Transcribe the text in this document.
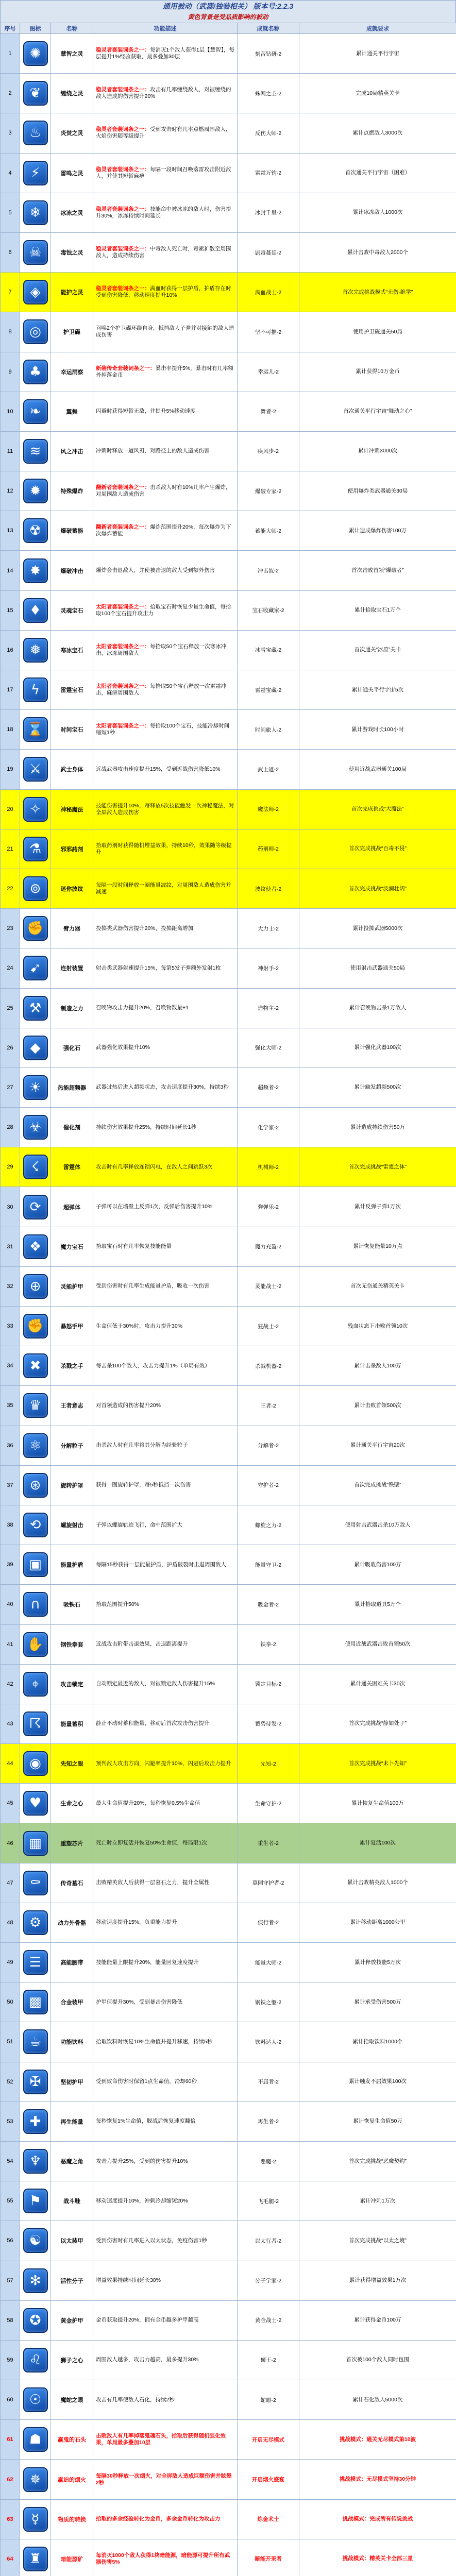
通用被动（武器/独装相关） 版本号:2.2.3
黄色背景是受品质影响的被动
序号	图标	名称	功能描述	成就名称	成就要求

1	✺	慧智之灵	稳灵者套装词条之一：每消灭1个敌人获得1层【慧智】，每层提升1%经验获取，最多叠加30层	刻苦钻研-2	累计通关平行宇宙

2	❦	缠绕之灵	稳灵者套装词条之一：攻击有几率缠绕敌人，对被缠绕的敌人造成的伤害提升20%	蛛网之主-2	完成10局精英关卡

3	♨	炎焚之灵	稳灵者套装词条之一：受到攻击时有几率点燃周围敌人，火焰伤害随等级提升	反伤大师-2	累计点燃敌人3000次

4	⚡	雷鸣之灵	稳灵者套装词条之一：每隔一段时间召唤落雷攻击附近敌人，并使其短暂麻痹	雷霆万钧-2	首次通关平行宇宙（困难）

5	❄	冰冻之灵	稳灵者套装词条之一：技能命中被冰冻的敌人时，伤害提升30%，冰冻持续时间延长	冰封千里-2	累计冰冻敌人1000次

6	☠	毒蚀之灵	稳灵者套装词条之一：中毒敌人死亡时，毒素扩散至周围敌人，造成持续伤害	剧毒蔓延-2	累计击败中毒敌人2000个

7	◈	能护之灵	稳灵者套装词条之一：满血时获得一层护盾，护盾存在时受到伤害降低，移动速度提升10%	满血战士-2	首次完成挑战模式“无伤·绝学”

8	◎	护卫碟	召唤2个护卫碟环绕自身，抵挡敌人子弹并对接触的敌人造成伤害	坚不可摧-2	使用护卫碟通关50局

9	♣	幸运洞察	新装传奇套装词条之一：暴击率提升5%，暴击时有几率额外掉落金币	幸运儿-2	累计获得10万金币

10	❧	翼舞	闪避时获得短暂无敌，并提升5%移动速度	舞者-2	首次通关平行宇宙“舞动之心”

11	≋	风之冲击	冲刺时释放一道风刃，对路径上的敌人造成伤害	疾风步-2	累计冲刺3000次

12	✹	特殊爆炸	翻新者套装词条之一：击杀敌人时有10%几率产生爆炸，对周围敌人造成伤害	爆破专家-2	使用爆炸类武器通关30局

13	☢	爆破蓄能	翻新者套装词条之一：爆炸范围提升20%，每次爆炸为下次爆炸蓄能	蓄能大师-2	累计造成爆炸伤害100万

14	✸	爆破冲击	爆炸会击退敌人，并使被击退的敌人受到额外伤害	冲击波-2	首次击败首领“爆破者”

15	♦	灵魂宝石	太阳者套装词条之一：拾取宝石时恢复少量生命值，每拾取100个宝石提升攻击力	宝石收藏家-2	累计拾取宝石1万个

16	❅	寒冰宝石	太阳者套装词条之一：每拾取50个宝石释放一次寒冰冲击，冰冻周围敌人	冰雪宝藏-2	首次通关“冰原”关卡

17	ϟ	雷霆宝石	太阳者套装词条之一：每拾取50个宝石释放一次雷霆冲击，麻痹周围敌人	雷霆宝藏-2	累计通关平行宇宙5次

18	⌛	时间宝石	太阳者套装词条之一：每拾取100个宝石，技能冷却时间缩短1秒	时间旅人-2	累计游戏时长100小时

19	⚔	武士身体	近战武器攻击速度提升15%，受到近战伤害降低10%	武士道-2	使用近战武器通关100局

20	✧	神秘魔法	技能伤害提升10%，每释放5次技能触发一次神秘魔法，对全屏敌人造成伤害	魔法师-2	首次完成挑战“大魔法”

21	⚗	邪邪药剂	拾取药剂时获得随机增益效果，持续10秒，效果随等级提升	药剂师-2	首次完成挑战“百毒不侵”

22	⊚	迷你波纹	每隔一段时间释放一圈能量波纹，对周围敌人造成伤害并减速	波纹使者-2	首次完成挑战“波澜壮阔”

23	✊	臂力器	投掷类武器伤害提升20%，投掷距离增加	大力士-2	累计投掷武器5000次

24	➹	连射装置	射击类武器射速提升15%，每第5发子弹额外发射1枚	神射手-2	使用射击武器通关50局

25	⚒	制造之力	召唤物攻击力提升20%，召唤物数量+1	造物主-2	累计召唤物击杀1万敌人

26	◆	强化石	武器强化效果提升10%	强化大师-2	累计强化武器100次

27	☀	热能超频器	武器过热后进入超频状态，攻击速度提升30%，持续3秒	超频者-2	累计触发超频500次

28	☣	催化剂	持续伤害效果提升25%，持续时间延长1秒	化学家-2	累计造成持续伤害50万

29	☇	雷霆体	攻击时有几率释放连锁闪电，在敌人之间跳跃3次	机械师-2	首次完成挑战“雷霆之体”

30	⟳	超弹体	子弹可以在墙壁上反弹1次，反弹后伤害提升10%	弹弹乐-2	累计反弹子弹1万次

31	❖	魔力宝石	拾取宝石时有几率恢复技能能量	魔力充盈-2	累计恢复能量10万点

32	⊕	灵能护甲	受到伤害时有几率生成能量护盾，吸收一次伤害	灵能战士-2	首次无伤通关精英关卡

33	✊	暴怒手甲	生命值低于30%时，攻击力提升30%	狂战士-2	残血状态下击败首领10次

34	✖	杀戮之手	每击杀100个敌人，攻击力提升1%（单局有效）	杀戮机器-2	累计击杀敌人100万

35	♛	王者意志	对首领造成的伤害提升20%	王者-2	累计击败首领500次

36	⚛	分解粒子	击杀敌人时有几率将其分解为经验粒子	分解者-2	累计通关平行宇宙20次

37	⊛	旋转护罩	获得一圈旋转护罩，每5秒抵挡一次伤害	守护者-2	首次完成挑战“铁壁”

38	⟲	螺旋射击	子弹以螺旋轨迹飞行，命中范围扩大	螺旋之力-2	使用射击武器击杀10万敌人

39	▣	能量护盾	每隔15秒获得一层能量护盾，护盾破裂时击退周围敌人	能量守卫-2	累计吸收伤害100万

40	∩	吸铁石	拾取范围提升50%	吸金者-2	累计拾取道具5万个

41	✋	钢铁拳套	近战攻击附带击退效果，击退距离提升	铁拳-2	使用近战武器击败首领50次

42	⌖	攻击锁定	自动锁定最近的敌人，对被锁定敌人伤害提升15%	锁定目标-2	累计通关困难关卡30次

43	☈	能量蓄积	静止不动时蓄积能量，移动后首次攻击伤害提升	蓄势待发-2	首次完成挑战“静如处子”

44	◉	先知之眼	预判敌人攻击方向，闪避率提升10%，闪避后攻击力提升	先知-2	首次完成挑战“未卜先知”

45	♥	生命之心	最大生命值提升20%，每秒恢复0.5%生命值	生命守护-2	累计恢复生命值100万

46	▦	重塑芯片	死亡时立即复活并恢复50%生命值，每局限1次	重生者-2	累计复活100次

47	⚰	传奇墓石	击败精英敌人后获得一层墓石之力，提升全属性	墓园守护者-2	累计击败精英敌人1000个

48	⚙	动力外骨骼	移动速度提升15%，负重能力提升	疾行者-2	累计移动距离1000公里

49	☰	高能腰带	技能能量上限提升20%，能量回复速度提升	能量大师-2	累计释放技能5万次

50	▩	合金装甲	护甲值提升30%，受到暴击伤害降低	钢铁之躯-2	累计承受伤害500万

51	☕	功能饮料	拾取饮料时恢复10%生命值并提升移速，持续5秒	饮料达人-2	累计拾取饮料1000个

52	✠	坚韧护甲	受到致命伤害时保留1点生命值，冷却60秒	不屈者-2	累计触发不屈效果100次

53	✚	再生能量	每秒恢复1%生命值，脱战后恢复速度翻倍	再生者-2	累计恢复生命值50万

54	♆	恶魔之角	攻击力提升25%，受到的伤害提升10%	恶魔-2	首次完成挑战“恶魔契约”

55	⚑	战斗鞋	移动速度提升10%，冲刺冷却缩短20%	飞毛腿-2	累计冲刺1万次

56	☯	以太装甲	受到伤害时有几率进入以太状态，免疫伤害1秒	以太行者-2	首次完成挑战“以太之境”

57	✻	活性分子	增益效果持续时间延长30%	分子学家-2	累计获得增益效果1万次

58	✪	黄金护甲	金币获取提升20%，拥有金币越多护甲越高	黄金战士-2	累计获得金币100万

59	♌	狮子之心	周围敌人越多，攻击力越高，最多提升30%	狮王-2	首次被100个敌人同时包围

60	☉	魔蛇之眼	攻击有几率使敌人石化，持续2秒	蛇眼-2	累计石化敌人5000次

61	☗	赢鬼的石头	击败敌人有几率掉落鬼魂石头，拾取后获得随机强化效果，单局最多叠加10层	开启无尽模式	挑战模式：通关无尽模式第10波

62	✵	赢迫的烟火	每隔30秒释放一次烟火，对全屏敌人造成巨额伤害并眩晕2秒	开启烟火盛宴	挑战模式：无尽模式坚持30分钟

63	☿	物质的转换	拾取的多余经验转化为金币，多余金币转化为攻击力	炼金术士	挑战模式：完成所有传说挑战

64	♜	暗能源矿	每消灭1000个敌人获得1块暗能源，暗能源可提升所有武器伤害5%	暗能开采者	挑战模式：精英关卡全部三星
